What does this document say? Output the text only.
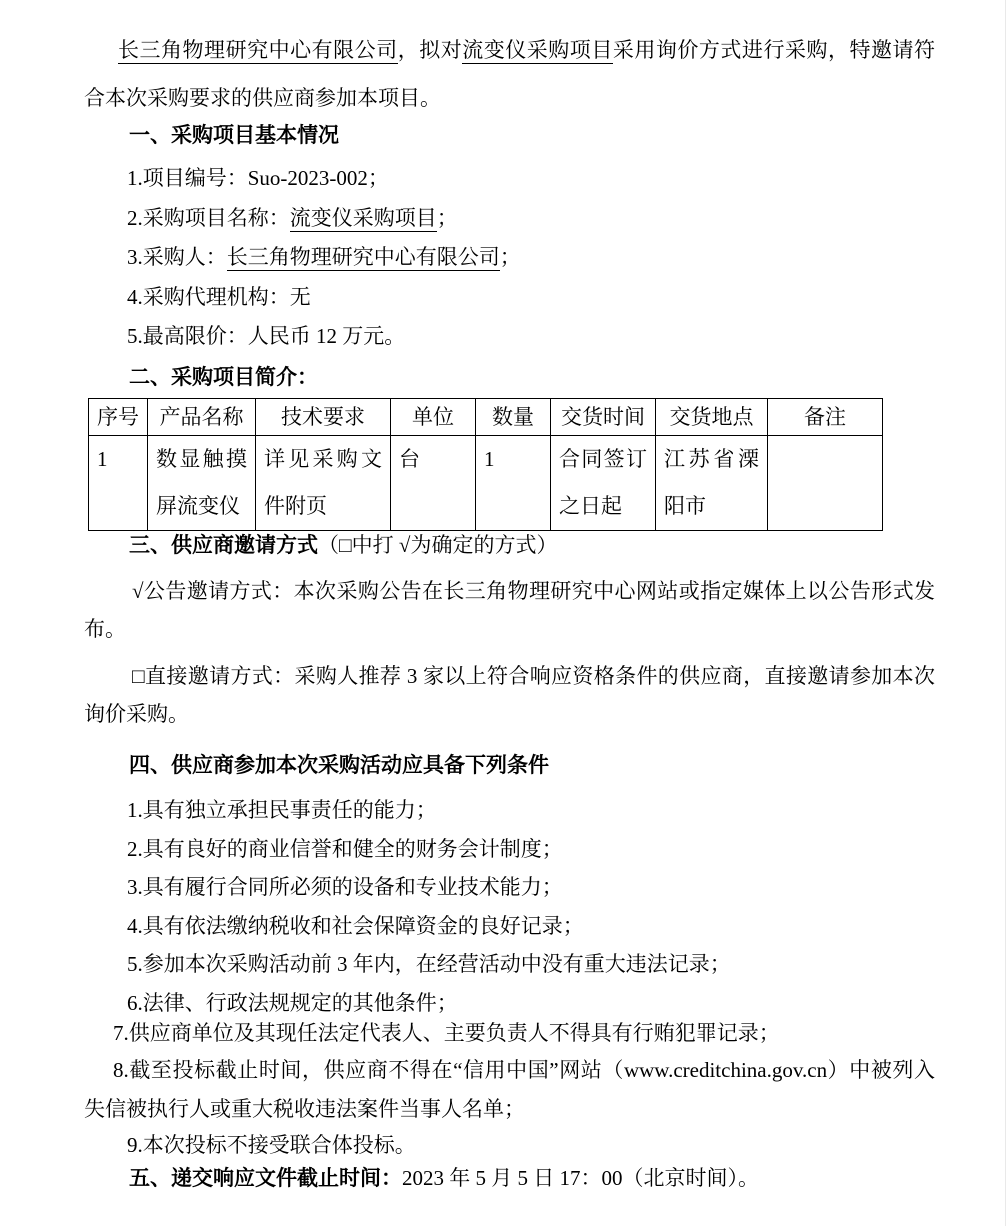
长三角物理研究中心有限公司，拟对流变仪采购项目采用询价方式进行采购，特邀请符合本次采购要求的供应商参加本项目。

一、采购项目基本情况

1.项目编号：Suo-2023-002；

2.采购项目名称：流变仪采购项目；

3.采购人：长三角物理研究中心有限公司；

4.采购代理机构：无

5.最高限价：人民币 12 万元。

二、采购项目简介：

序号	产品名称	技术要求	单位	数量	交货时间	交货地点	备注
1	数显触摸屏流变仪	详见采购文件附页	台	1	合同签订之日起	江苏省溧阳市	

三、供应商邀请方式（□中打 √为确定的方式）

√公告邀请方式：本次采购公告在长三角物理研究中心网站或指定媒体上以公告形式发布。

□直接邀请方式：采购人推荐 3 家以上符合响应资格条件的供应商，直接邀请参加本次询价采购。

四、供应商参加本次采购活动应具备下列条件

1.具有独立承担民事责任的能力；

2.具有良好的商业信誉和健全的财务会计制度；

3.具有履行合同所必须的设备和专业技术能力；

4.具有依法缴纳税收和社会保障资金的良好记录；

5.参加本次采购活动前 3 年内，在经营活动中没有重大违法记录；

6.法律、行政法规规定的其他条件；

7.供应商单位及其现任法定代表人、主要负责人不得具有行贿犯罪记录；

8.截至投标截止时间，供应商不得在“信用中国”网站（www.creditchina.gov.cn）中被列入失信被执行人或重大税收违法案件当事人名单；

9.本次投标不接受联合体投标。

五、递交响应文件截止时间：2023 年 5 月 5 日 17：00（北京时间）。
